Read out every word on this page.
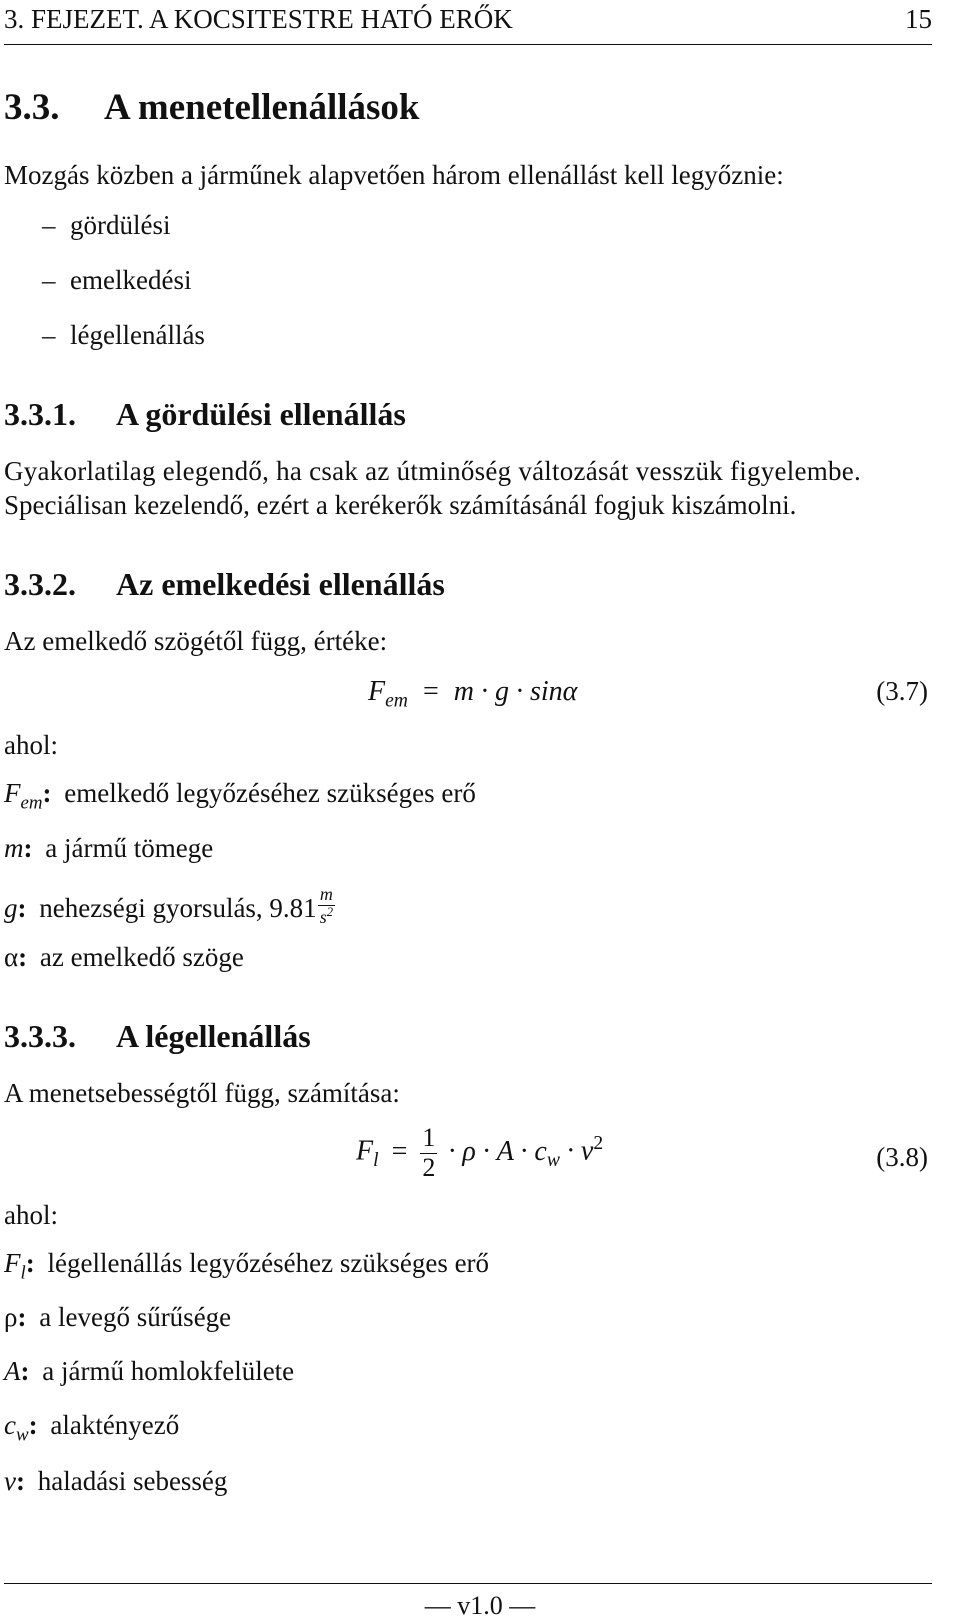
3. FEJEZET. A KOCSITESTRE HATÓ ERŐK	15
3.3. A menetellenállások
Mozgás közben a járműnek alapvetően három ellenállást kell legyőznie:
– gördülési
– emelkedési
– légellenállás
3.3.1. A gördülési ellenállás
Gyakorlatilag elegendő, ha csak az útminőség változását vesszük figyelembe.
Speciálisan kezelendő, ezért a kerékerők számításánál fogjuk kiszámolni.
3.3.2. Az emelkedési ellenállás
Az emelkedő szögétől függ, értéke:
$F_{em} = m \cdot g \cdot \sin\alpha$	(3.7)
ahol:
$F_{em}$: emelkedő legyőzéséhez szükséges erő
m: a jármű tömege
g: nehezségi gyorsulás, $9.81 \frac{m}{s^2}$
α: az emelkedő szöge
3.3.3. A légellenállás
A menetsebességtől függ, számítása:
$F_l = \frac{1}{2} \cdot \rho \cdot A \cdot c_w \cdot v^2$	(3.8)
ahol:
$F_l$: légellenállás legyőzéséhez szükséges erő
ρ: a levegő sűrűsége
A: a jármű homlokfelülete
$c_w$: alaktényező
v: haladási sebesség
— v1.0 —
